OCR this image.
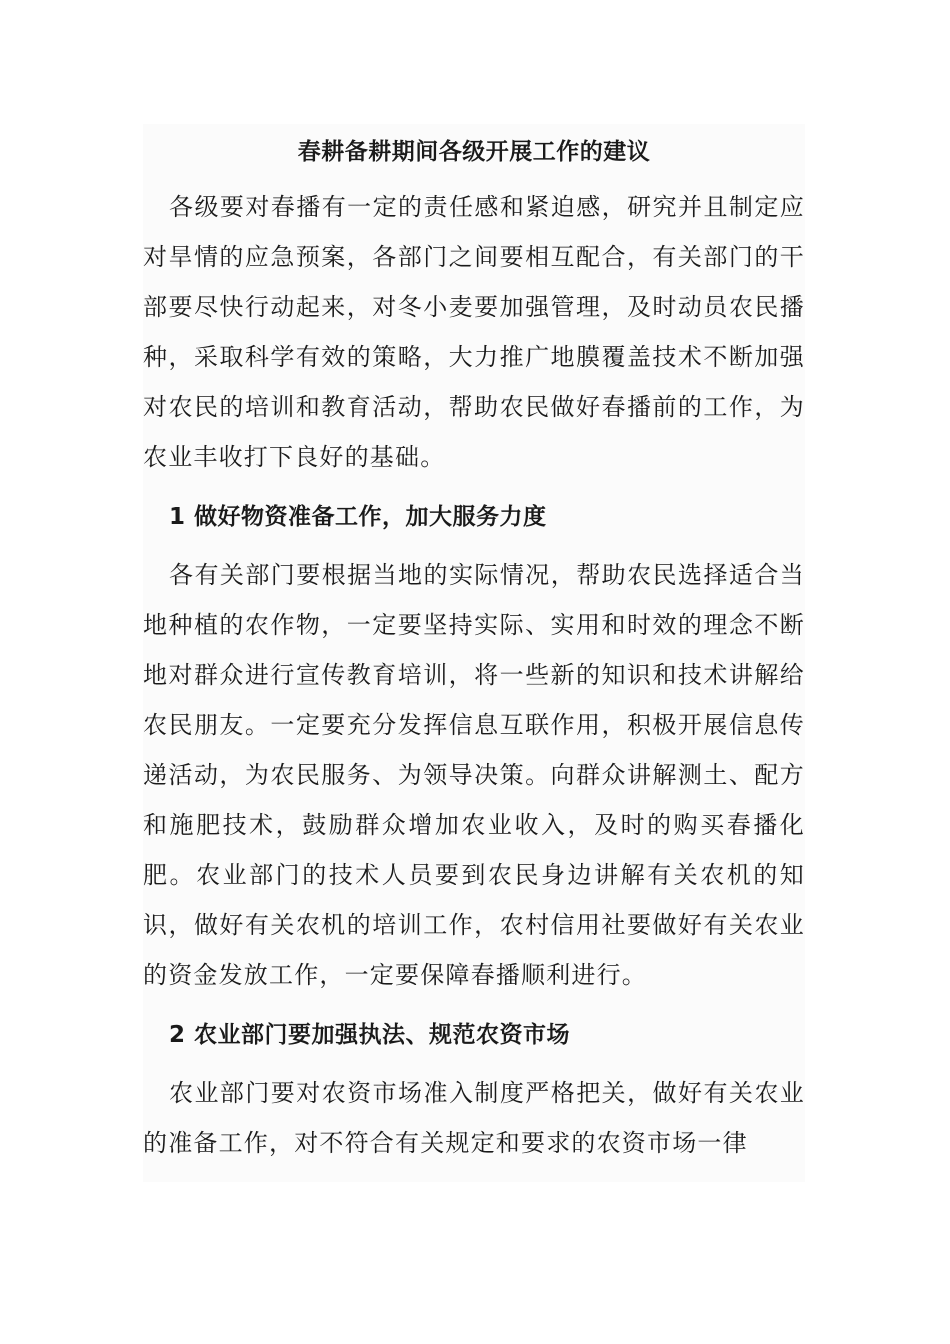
春耕备耕期间各级开展工作的建议

各级要对春播有一定的责任感和紧迫感，研究并且制定应对旱情的应急预案，各部门之间要相互配合，有关部门的干部要尽快行动起来，对冬小麦要加强管理，及时动员农民播种，采取科学有效的策略，大力推广地膜覆盖技术不断加强对农民的培训和教育活动，帮助农民做好春播前的工作，为农业丰收打下良好的基础。

1 做好物资准备工作，加大服务力度

各有关部门要根据当地的实际情况，帮助农民选择适合当地种植的农作物，一定要坚持实际、实用和时效的理念不断地对群众进行宣传教育培训，将一些新的知识和技术讲解给农民朋友。一定要充分发挥信息互联作用，积极开展信息传递活动，为农民服务、为领导决策。向群众讲解测土、配方和施肥技术，鼓励群众增加农业收入，及时的购买春播化肥。农业部门的技术人员要到农民身边讲解有关农机的知识，做好有关农机的培训工作，农村信用社要做好有关农业的资金发放工作，一定要保障春播顺利进行。

2 农业部门要加强执法、规范农资市场

农业部门要对农资市场准入制度严格把关，做好有关农业的准备工作，对不符合有关规定和要求的农资市场一律
